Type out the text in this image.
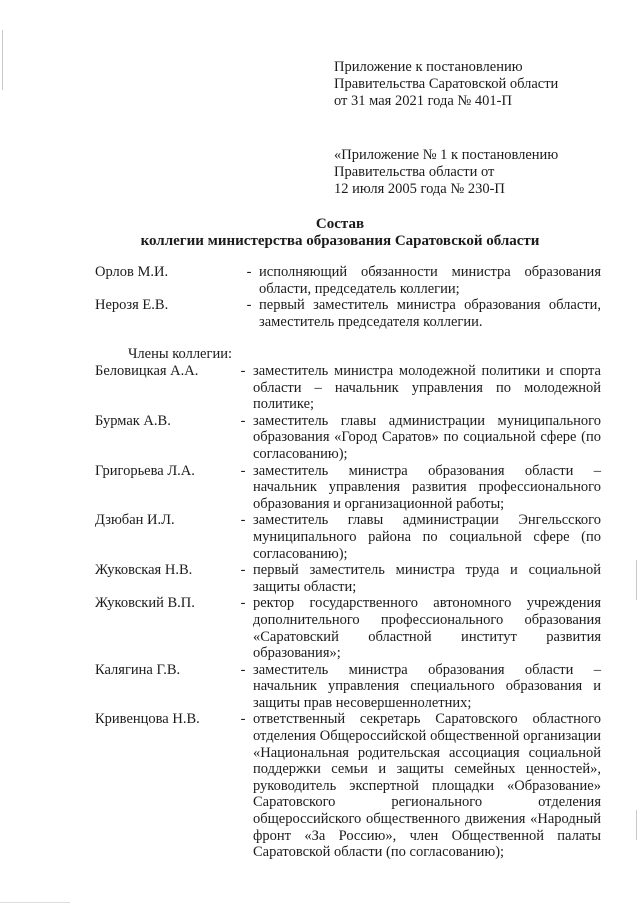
Приложение к постановлению
Правительства Саратовской области
от 31 мая 2021 года № 401-П
«Приложение № 1 к постановлению
Правительства области от
12 июля 2005 года № 230-П
Состав
коллегии министерства образования Саратовской области
Орлов М.И.	- исполняющий обязанности министра образования области, председатель коллегии;
Нерозя Е.В.	- первый заместитель министра образования области, заместитель председателя коллегии.
Члены коллегии:
Беловицкая А.А.	- заместитель министра молодежной политики и спорта области – начальник управления по молодежной политике;
Бурмак А.В.	- заместитель главы администрации муниципального образования «Город Саратов» по социальной сфере (по согласованию);
Григорьева Л.А.	- заместитель министра образования области – начальник управления развития профессионального образования и организационной работы;
Дзюбан И.Л.	- заместитель главы администрации Энгельсского муниципального района по социальной сфере (по согласованию);
Жуковская Н.В.	- первый заместитель министра труда и социальной защиты области;
Жуковский В.П.	- ректор государственного автономного учреждения дополнительного профессионального образования «Саратовский областной институт развития образования»;
Калягина Г.В.	- заместитель министра образования области – начальник управления специального образования и защиты прав несовершеннолетних;
Кривенцова Н.В.	- ответственный секретарь Саратовского областного отделения Общероссийской общественной организации «Национальная родительская ассоциация социальной поддержки семьи и защиты семейных ценностей», руководитель экспертной площадки «Образование» Саратовского регионального отделения общероссийского общественного движения «Народный фронт «За Россию», член Общественной палаты Саратовской области (по согласованию);
